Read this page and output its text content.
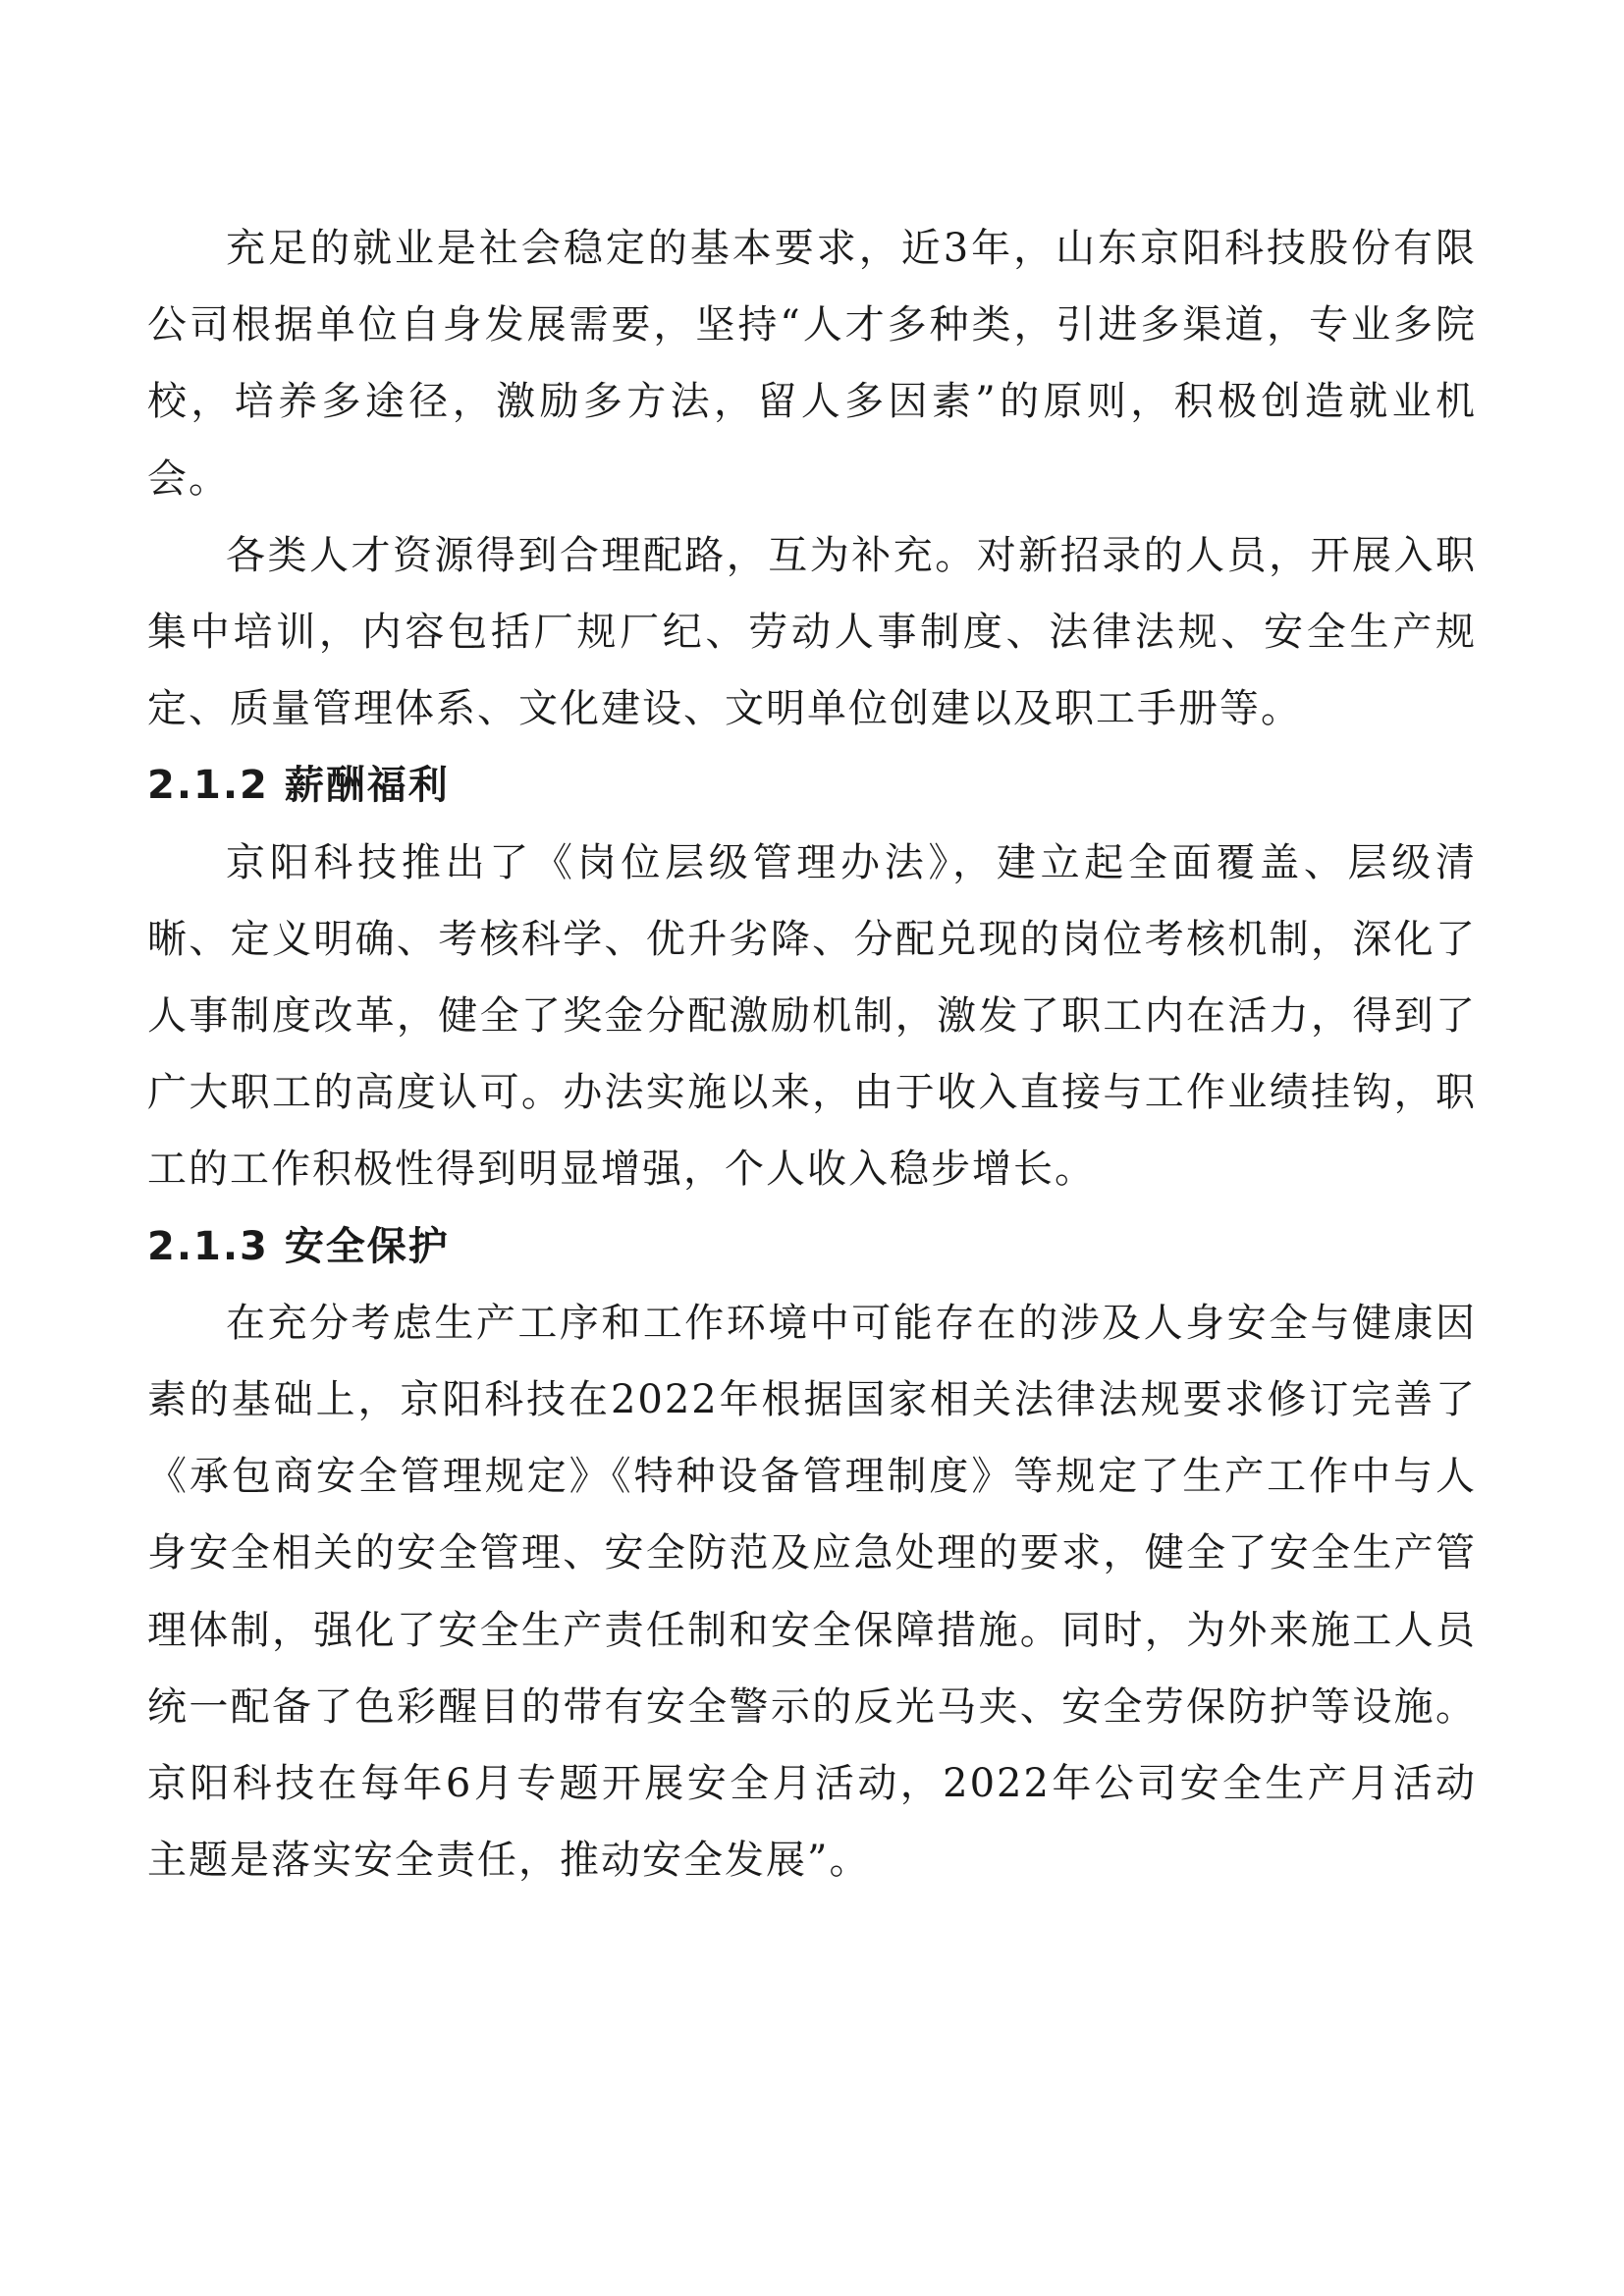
充足的就业是社会稳定的基本要求，近3年，山东京阳科技股份有限公司根据单位自身发展需要，坚持“人才多种类，引进多渠道，专业多院校，培养多途径，激励多方法，留人多因素”的原则，积极创造就业机会。

各类人才资源得到合理配路，互为补充。对新招录的人员，开展入职集中培训，内容包括厂规厂纪、劳动人事制度、法律法规、安全生产规定、质量管理体系、文化建设、文明单位创建以及职工手册等。

2.1.2 薪酬福利

京阳科技推出了《岗位层级管理办法》，建立起全面覆盖、层级清晰、定义明确、考核科学、优升劣降、分配兑现的岗位考核机制，深化了人事制度改革，健全了奖金分配激励机制，激发了职工内在活力，得到了广大职工的高度认可。办法实施以来，由于收入直接与工作业绩挂钩，职工的工作积极性得到明显增强，个人收入稳步增长。

2.1.3 安全保护

在充分考虑生产工序和工作环境中可能存在的涉及人身安全与健康因素的基础上，京阳科技在2022年根据国家相关法律法规要求修订完善了《承包商安全管理规定》《特种设备管理制度》等规定了生产工作中与人身安全相关的安全管理、安全防范及应急处理的要求，健全了安全生产管理体制，强化了安全生产责任制和安全保障措施。同时，为外来施工人员统一配备了色彩醒目的带有安全警示的反光马夹、安全劳保防护等设施。京阳科技在每年6月专题开展安全月活动，2022年公司安全生产月活动主题是落实安全责任，推动安全发展”。
